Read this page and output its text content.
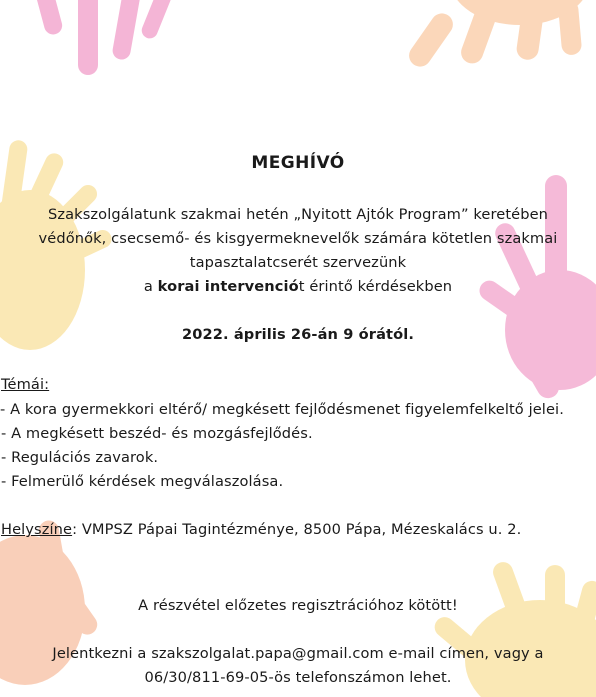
MEGHÍVÓ
Szakszolgálatunk szakmai hetén „Nyitott Ajtók Program” keretében
védőnők, csecsemő- és kisgyermeknevelők számára kötetlen szakmai
tapasztalatcserét szervezünk
a korai intervenciót érintő kérdésekben
2022. április 26-án 9 órától.
Témái:
- A kora gyermekkori eltérő/ megkésett fejlődésmenet figyelemfelkeltő jelei.
- A megkésett beszéd- és mozgásfejlődés.
- Regulációs zavarok.
- Felmerülő kérdések megválaszolása.
Helyszíne: VMPSZ Pápai Tagintézménye, 8500 Pápa, Mézeskalács u. 2.
A részvétel előzetes regisztrációhoz kötött!
Jelentkezni a szakszolgalat.papa@gmail.com e-mail címen, vagy a
06/30/811-69-05-ös telefonszámon lehet.
